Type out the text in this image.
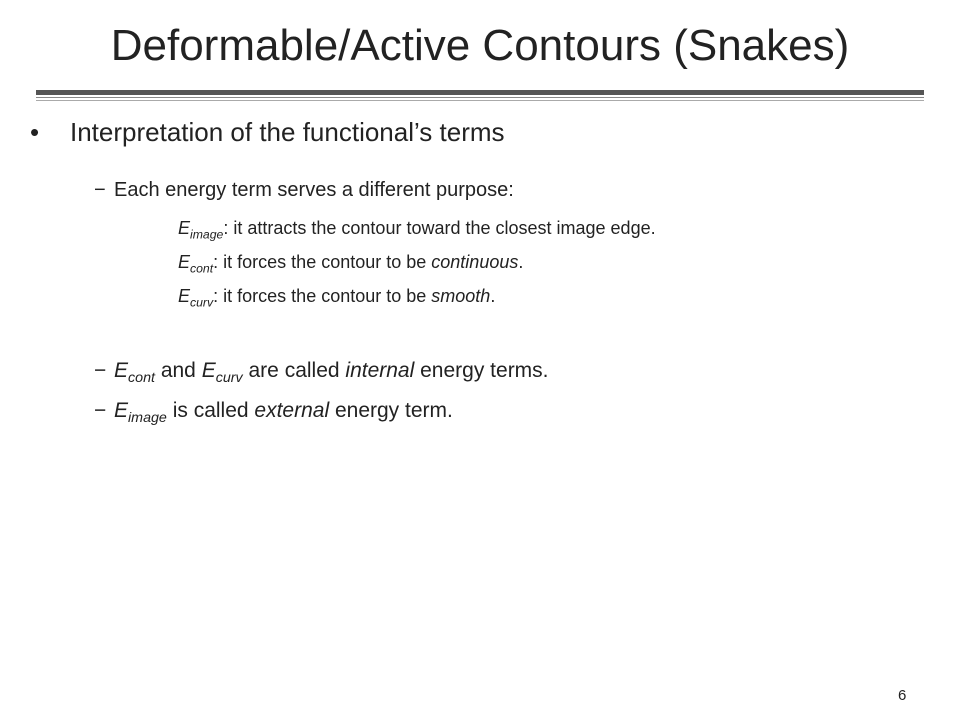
Deformable/Active Contours (Snakes)
• Interpretation of the functional’s terms
− Each energy term serves a different purpose:
$E_{image}$: it attracts the contour toward the closest image edge.
$E_{cont}$: it forces the contour to be continuous.
$E_{curv}$: it forces the contour to be smooth.
− $E_{cont}$ and $E_{curv}$ are called internal energy terms.
− $E_{image}$ is called external energy term.
6
